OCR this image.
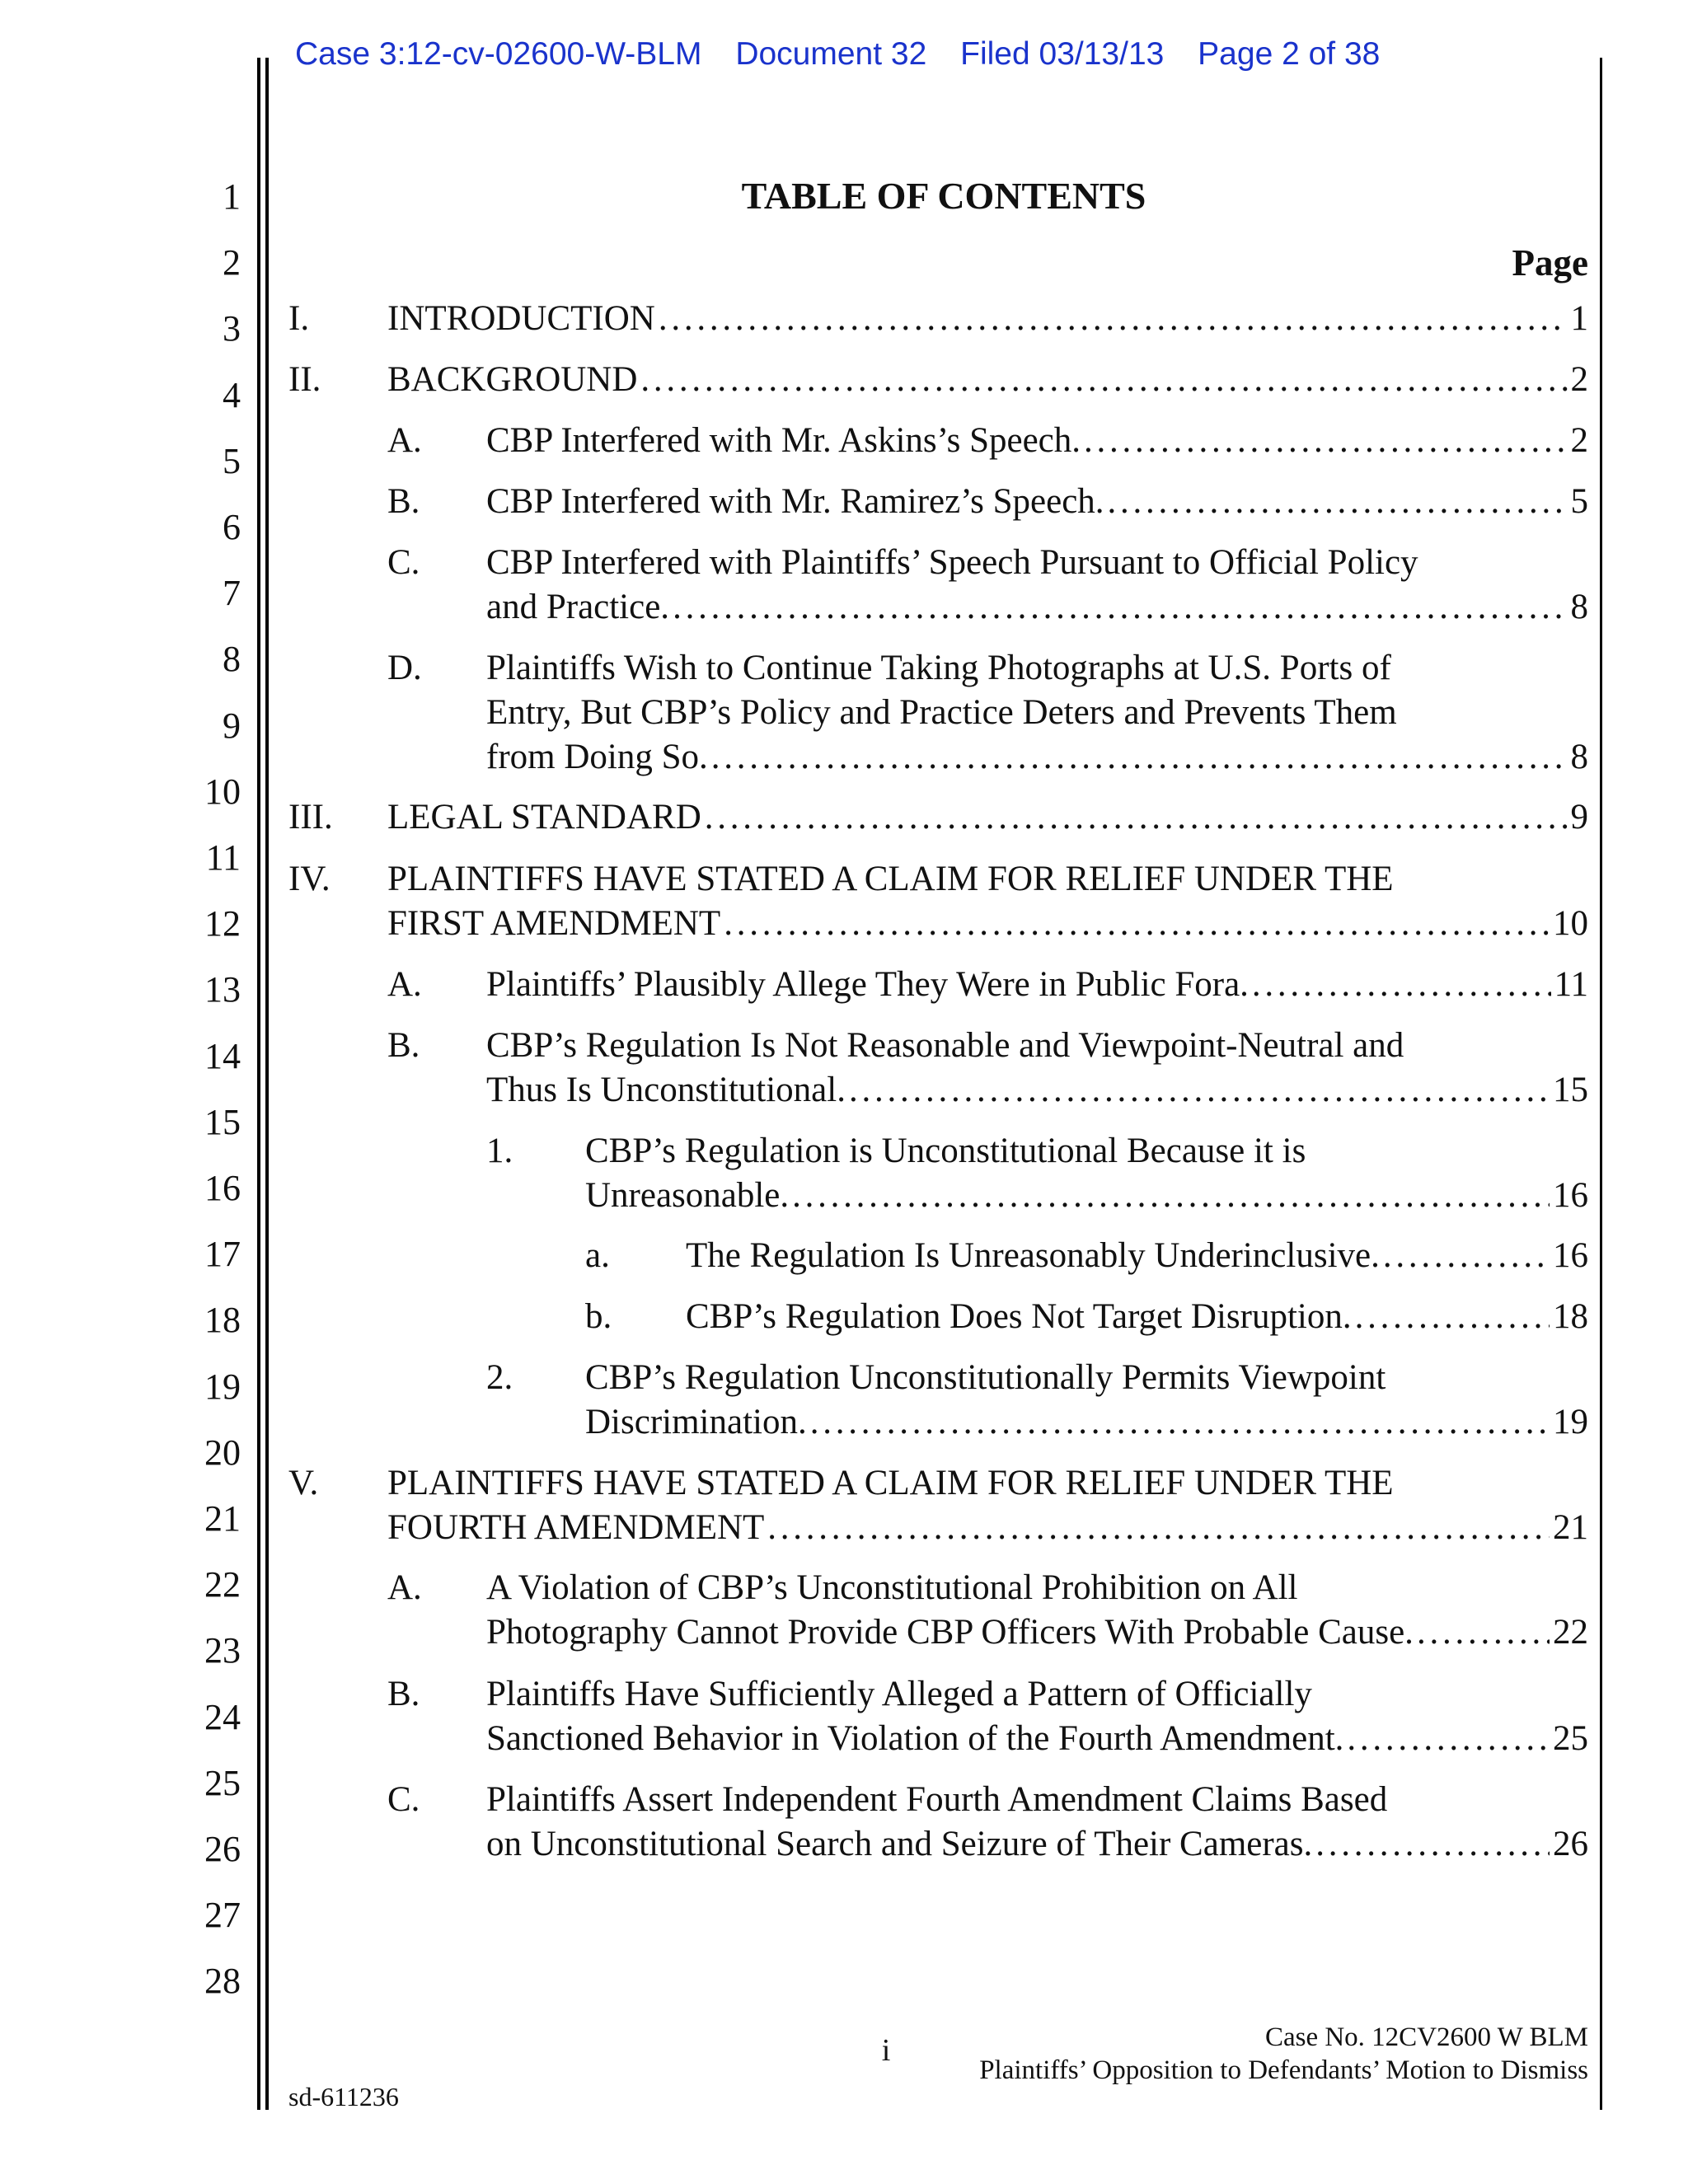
Case 3:12-cv-02600-W-BLM Document 32 Filed 03/13/13 Page 2 of 38
1
2
3
4
5
6
7
8
9
10
11
12
13
14
15
16
17
18
19
20
21
22
23
24
25
26
27
28
TABLE OF CONTENTS
Page
I. INTRODUCTION . . .	1
II. BACKGROUND . . .	2
A. CBP Interfered with Mr. Askins’s Speech. . . .	2
B. CBP Interfered with Mr. Ramirez’s Speech. . . .	5
C. CBP Interfered with Plaintiffs’ Speech Pursuant to Official Policy
and Practice. . . .	8
D. Plaintiffs Wish to Continue Taking Photographs at U.S. Ports of
Entry, But CBP’s Policy and Practice Deters and Prevents Them
from Doing So. . . .	8
III. LEGAL STANDARD . . .	9
IV. PLAINTIFFS HAVE STATED A CLAIM FOR RELIEF UNDER THE
FIRST AMENDMENT . . .	10
A. Plaintiffs’ Plausibly Allege They Were in Public Fora. . . .	11
B. CBP’s Regulation Is Not Reasonable and Viewpoint-Neutral and
Thus Is Unconstitutional. . . .	15
1. CBP’s Regulation is Unconstitutional Because it is
Unreasonable. . . .	16
a. The Regulation Is Unreasonably Underinclusive. . . .	16
b. CBP’s Regulation Does Not Target Disruption. . . .	18
2. CBP’s Regulation Unconstitutionally Permits Viewpoint
Discrimination. . . .	19
V. PLAINTIFFS HAVE STATED A CLAIM FOR RELIEF UNDER THE
FOURTH AMENDMENT . . .	21
A. A Violation of CBP’s Unconstitutional Prohibition on All
Photography Cannot Provide CBP Officers With Probable Cause. . . .	22
B. Plaintiffs Have Sufficiently Alleged a Pattern of Officially
Sanctioned Behavior in Violation of the Fourth Amendment. . . .	25
C. Plaintiffs Assert Independent Fourth Amendment Claims Based
on Unconstitutional Search and Seizure of Their Cameras. . . .	26
i	Case No. 12CV2600 W BLM
Plaintiffs’ Opposition to Defendants’ Motion to Dismiss
sd-611236
